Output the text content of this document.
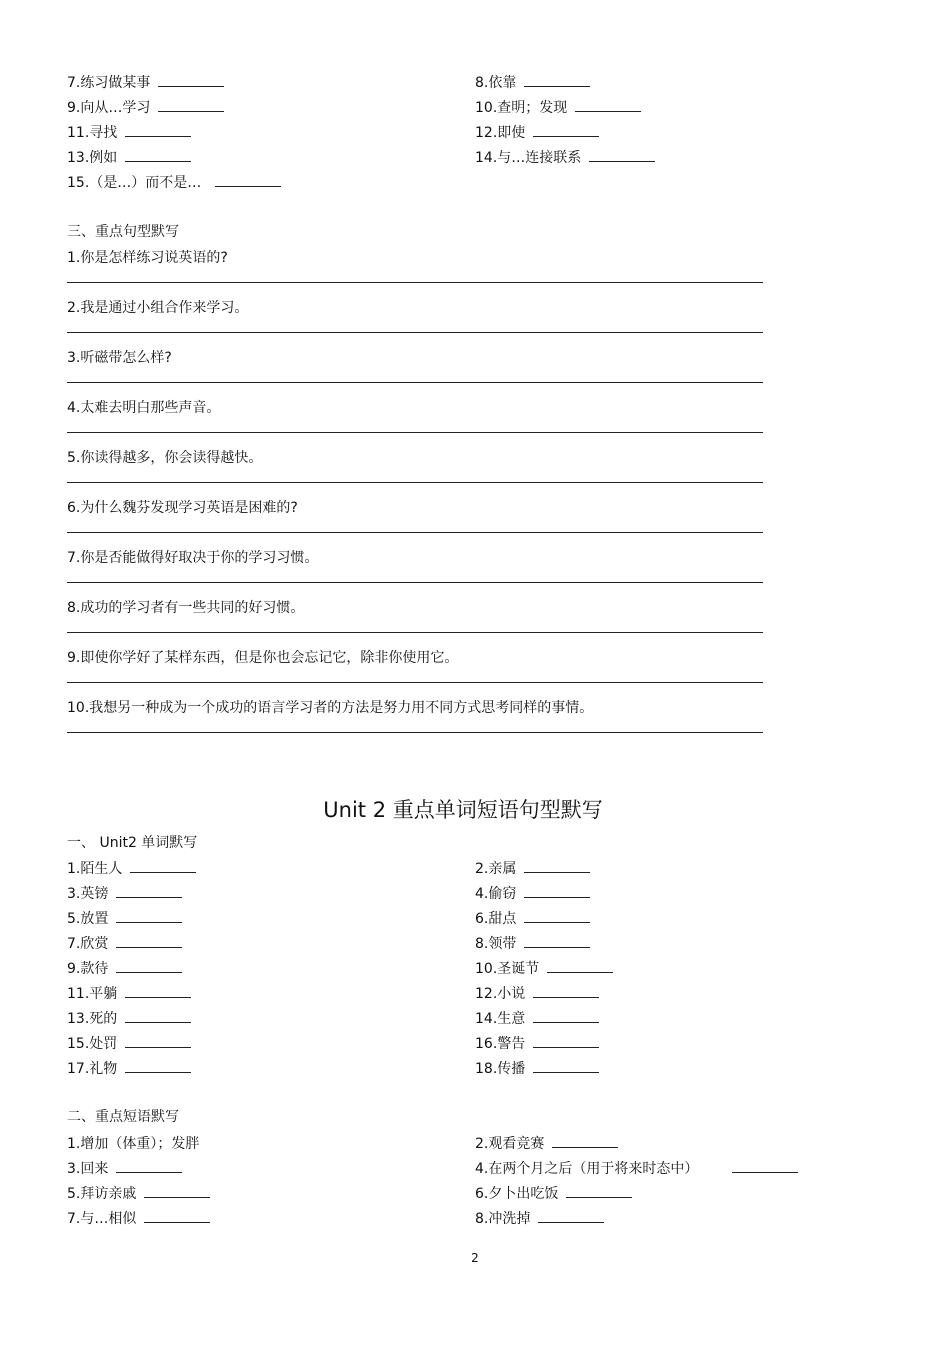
7.练习做某事	8.依靠
9.向从…学习	10.查明；发现
11.寻找	12.即使
13.例如	14.与…连接联系
15.（是…）而不是…
三、重点句型默写
1.你是怎样练习说英语的?
2.我是通过小组合作来学习。
3.听磁带怎么样?
4.太难去明白那些声音。
5.你读得越多，你会读得越快。
6.为什么魏芬发现学习英语是困难的?
7.你是否能做得好取决于你的学习习惯。
8.成功的学习者有一些共同的好习惯。
9.即使你学好了某样东西，但是你也会忘记它，除非你使用它。
10.我想另一种成为一个成功的语言学习者的方法是努力用不同方式思考同样的事情。
Unit 2 重点单词短语句型默写
一、 Unit2 单词默写
1.陌生人	2.亲属
3.英镑	4.偷窃
5.放置	6.甜点
7.欣赏	8.领带
9.款待	10.圣诞节
11.平躺	12.小说
13.死的	14.生意
15.处罚	16.警告
17.礼物	18.传播
二、重点短语默写
1.增加（体重）；发胖	2.观看竞赛
3.回来	4.在两个月之后（用于将来时态中）
5.拜访亲戚	6.夕卜出吃饭
7.与…相似	8.冲洗掉
2
